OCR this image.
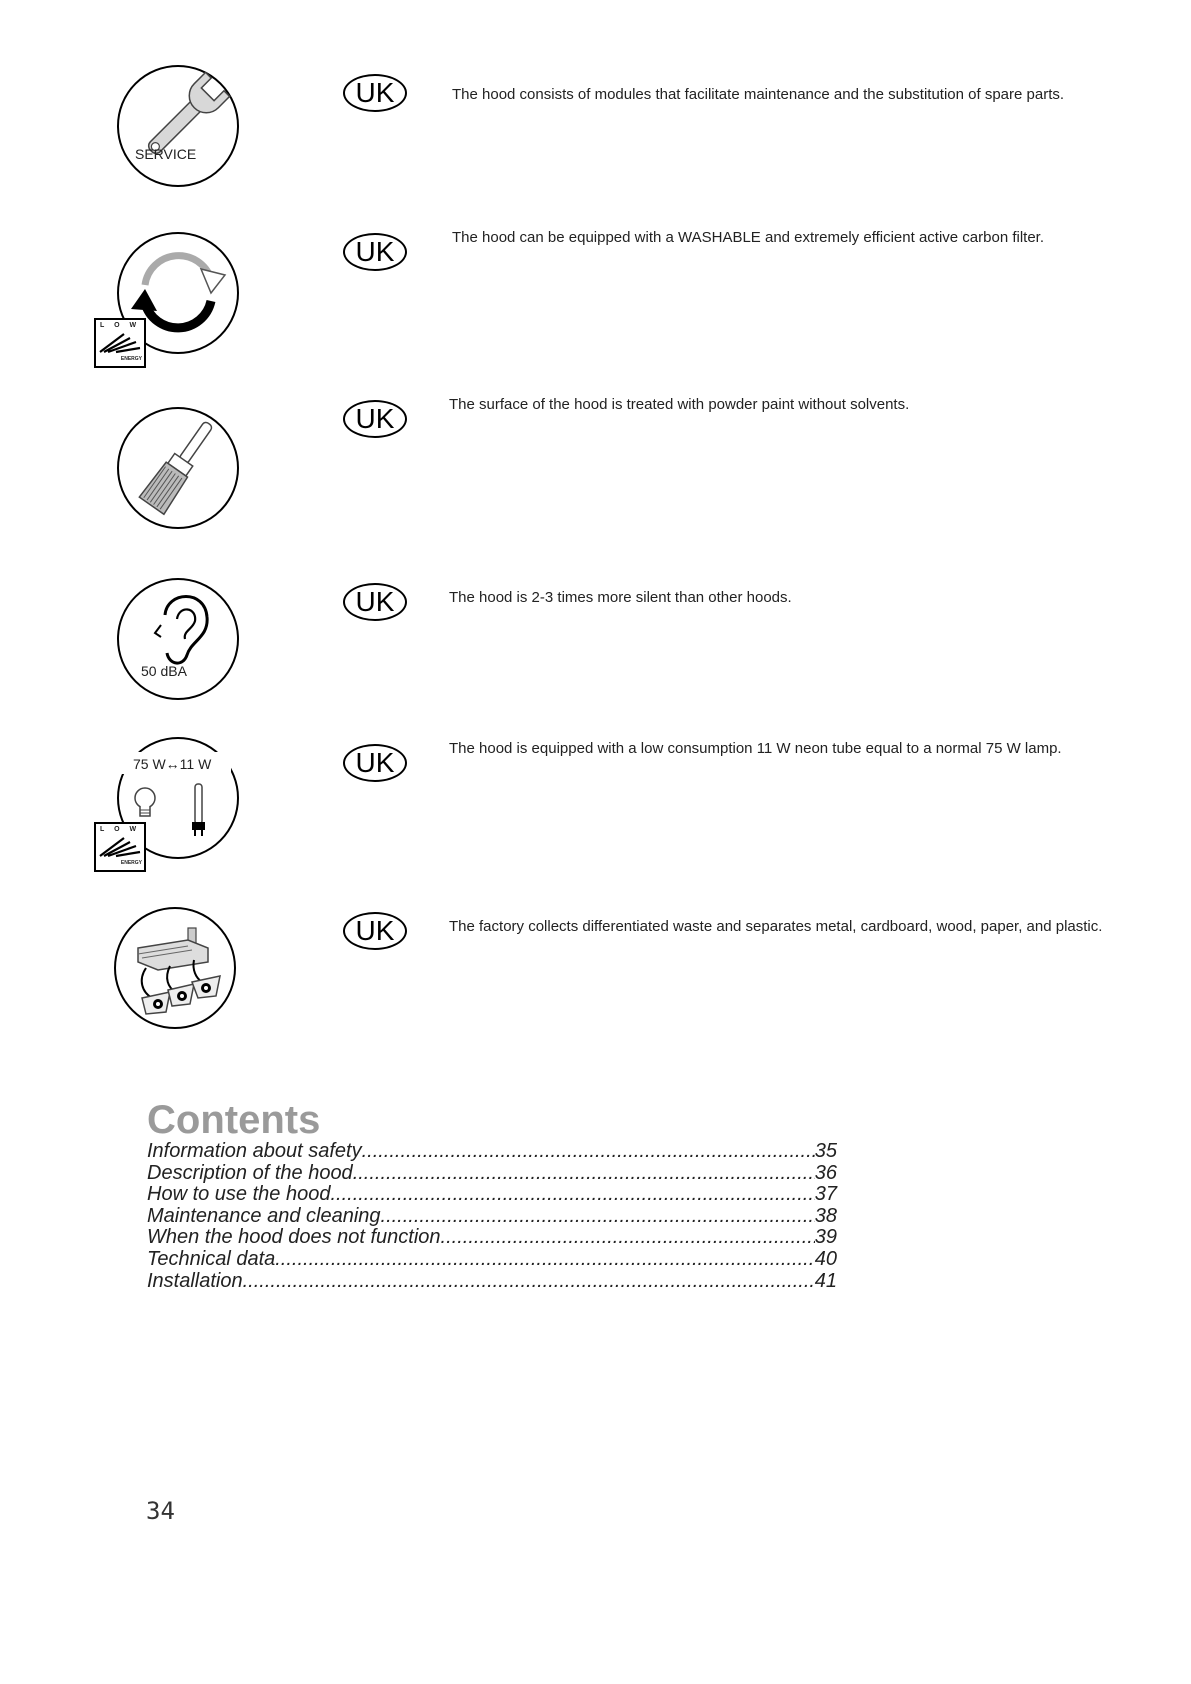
SERVICE
UK	The hood consists of modules that facilitate maintenance and the substitution of spare parts.
L O W
ENERGY
UK	The hood can be equipped with a WASHABLE and extremely efficient active carbon filter.
UK	The surface of the hood is treated with powder paint without solvents.
50 dBA
UK	The hood is 2-3 times more silent than other hoods.
75 W↔11 W
L O W
ENERGY
UK	The hood is equipped with a low consumption 11 W neon tube equal to a normal 75 W lamp.
UK	The factory collects differentiated waste and separates metal, cardboard, wood, paper, and plastic.
Contents
Information about safety .....	35
Description of the hood .....	36
How to use the hood .....	37
Maintenance and cleaning .....	38
When the hood does not function .....	39
Technical data .....	40
Installation .....	41
34
